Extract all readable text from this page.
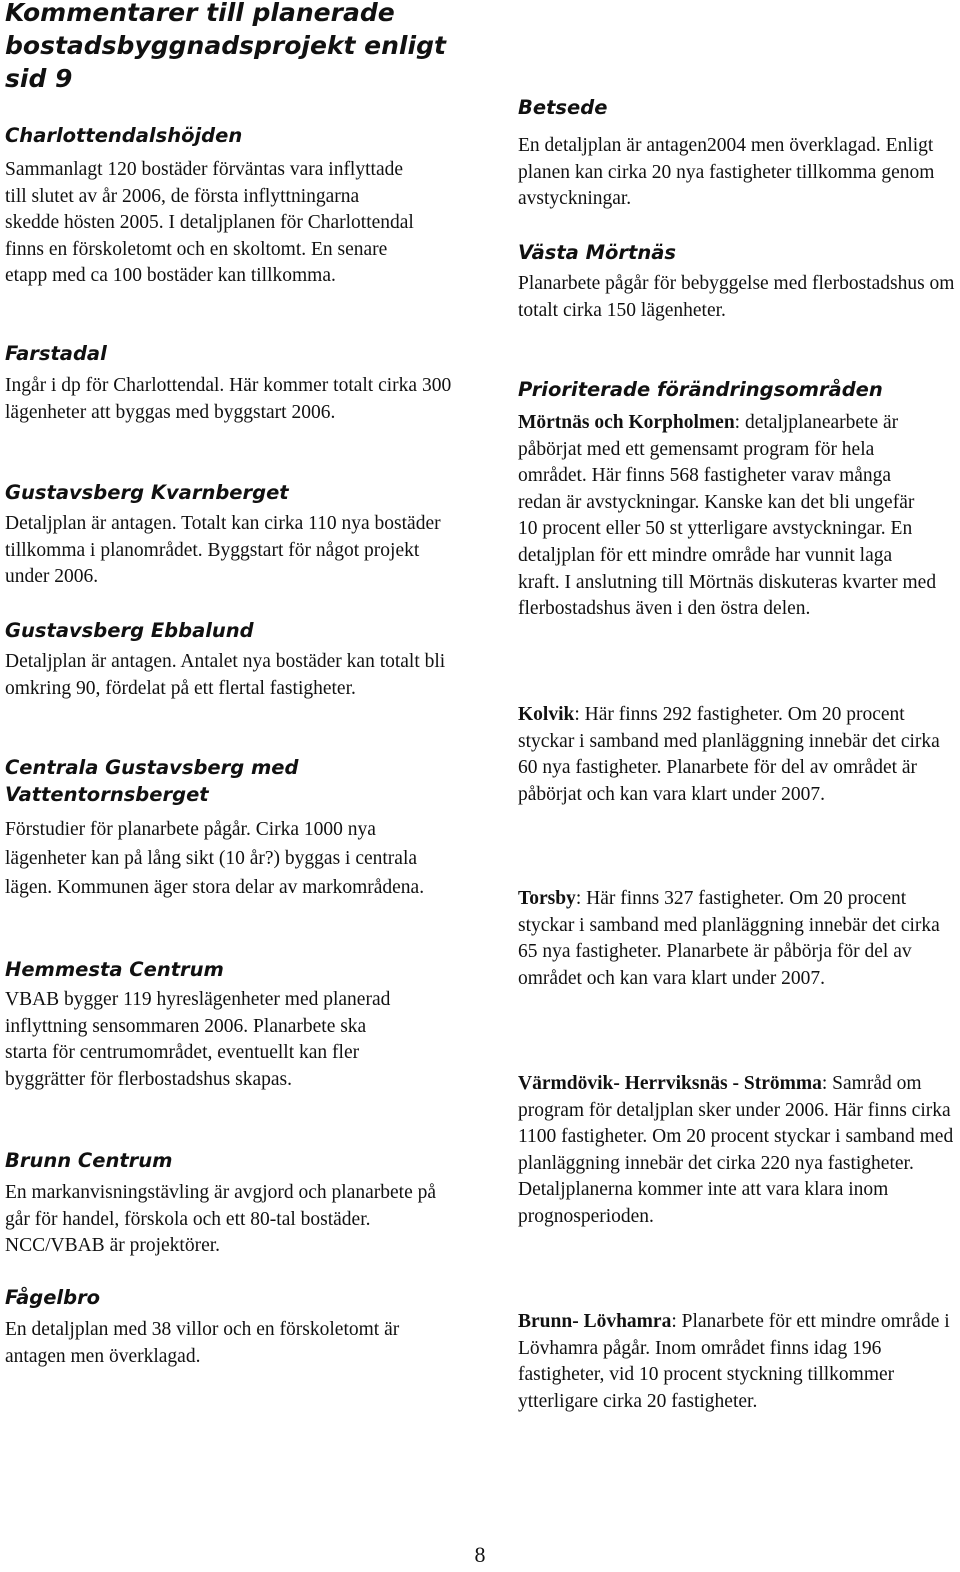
Kommentarer till planerade bostadsbyggnadsprojekt enligt sid 9
Charlottendalshöjden

Sammanlagt 120 bostäder förväntas vara inflyttade till slutet av år 2006, de första inflyttningarna skedde hösten 2005. I detaljplanen för Charlottendal finns en förskoletomt och en skoltomt. En senare etapp med ca 100 bostäder kan tillkomma.

Farstadal

Ingår i dp för Charlottendal. Här kommer totalt cirka 300 lägenheter att byggas med byggstart 2006.

Gustavsberg Kvarnberget

Detaljplan är antagen. Totalt kan cirka 110 nya bostäder tillkomma i planområdet. Byggstart för något projekt under 2006.

Gustavsberg Ebbalund

Detaljplan är antagen. Antalet nya bostäder kan totalt bli omkring 90, fördelat på ett flertal fastigheter.

Centrala Gustavsberg med Vattentornsberget

Förstudier för planarbete pågår. Cirka 1000 nya lägenheter kan på lång sikt (10 år?) byggas i centrala lägen. Kommunen äger stora delar av markområdena.

Hemmesta Centrum

VBAB bygger 119 hyreslägenheter med planerad inflyttning sensommaren 2006. Planarbete ska starta för centrumområdet, eventuellt kan fler byggrätter för flerbostadshus skapas.

Brunn Centrum

En markanvisningstävling är avgjord och planarbete på går för handel, förskola och ett 80-tal bostäder. NCC/VBAB är projektörer.

Fågelbro

En detaljplan med 38 villor och en förskoletomt är antagen men överklagad.

Betsede

En detaljplan är antagen2004 men överklagad. Enligt planen kan cirka 20 nya fastigheter tillkomma genom avstyckningar.

Västa Mörtnäs

Planarbete pågår för bebyggelse med flerbostadshus om totalt cirka 150 lägenheter.

Prioriterade förändringsområden

Mörtnäs och Korpholmen: detaljplanearbete är påbörjat med ett gemensamt program för hela området. Här finns 568 fastigheter varav många redan är avstyckningar. Kanske kan det bli ungefär 10 procent eller 50 st ytterligare avstyckningar. En detaljplan för ett mindre område har vunnit laga kraft. I anslutning till Mörtnäs diskuteras kvarter med flerbostadshus även i den östra delen.

Kolvik: Här finns 292 fastigheter. Om 20 procent styckar i samband med planläggning innebär det cirka 60 nya fastigheter. Planarbete för del av området är påbörjat och kan vara klart under 2007.

Torsby: Här finns 327 fastigheter. Om 20 procent styckar i samband med planläggning innebär det cirka 65 nya fastigheter. Planarbete är påbörja för del av området och kan vara klart under 2007.

Värmdövik- Herrviksnäs - Strömma: Samråd om program för detaljplan sker under 2006. Här finns cirka 1100 fastigheter. Om 20 procent styckar i samband med planläggning innebär det cirka 220 nya fastigheter. Detaljplanerna kommer inte att vara klara inom prognosperioden.

Brunn- Lövhamra: Planarbete för ett mindre område i Lövhamra pågår. Inom området finns idag 196 fastigheter, vid 10 procent styckning tillkommer ytterligare cirka 20 fastigheter.

8
